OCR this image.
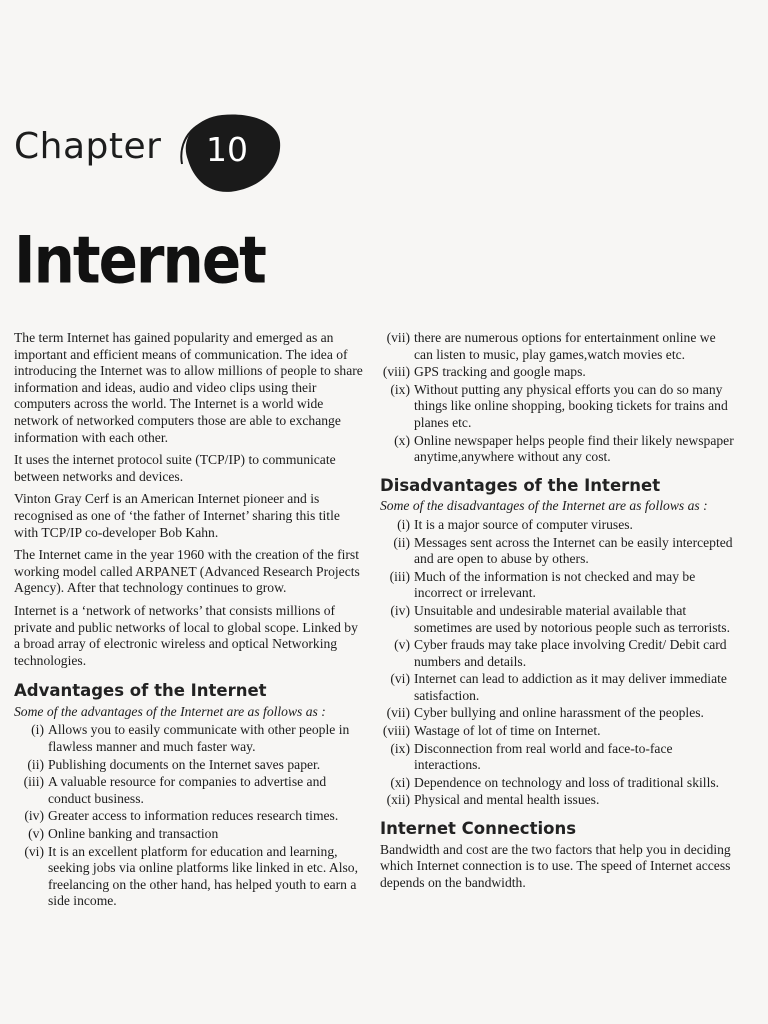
Chapter	10
Internet

The term Internet has gained popularity and emerged as an important and efficient means of communication. The idea of introducing the Internet was to allow millions of people to share information and ideas, audio and video clips using their computers across the world. The Internet is a world wide network of networked computers those are able to exchange information with each other.

It uses the internet protocol suite (TCP/IP) to communicate between networks and devices.

Vinton Gray Cerf is an American Internet pioneer and is recognised as one of ‘the father of Internet’ sharing this title with TCP/IP co-developer Bob Kahn.

The Internet came in the year 1960 with the creation of the first working model called ARPANET (Advanced Research Projects Agency). After that technology continues to grow.

Internet is a ‘network of networks’ that consists millions of private and public networks of local to global scope. Linked by a broad array of electronic wireless and optical Networking technologies.

Advantages of the Internet

Some of the advantages of the Internet are as follows as :

(i) Allows you to easily communicate with other people in flawless manner and much faster way.
(ii) Publishing documents on the Internet saves paper.
(iii) A valuable resource for companies to advertise and conduct business.
(iv) Greater access to information reduces research times.
(v) Online banking and transaction
(vi) It is an excellent platform for education and learning, seeking jobs via online platforms like linked in etc. Also, freelancing on the other hand, has helped youth to earn a side income.
(vii) there are numerous options for entertainment online we can listen to music, play games,watch movies etc.
(viii) GPS tracking and google maps.
(ix) Without putting any physical efforts you can do so many things like online shopping, booking tickets for trains and planes etc.
(x) Online newspaper helps people find their likely newspaper anytime,anywhere without any cost.
Disadvantages of the Internet

Some of the disadvantages of the Internet are as follows as :

(i) It is a major source of computer viruses.
(ii) Messages sent across the Internet can be easily intercepted and are open to abuse by others.
(iii) Much of the information is not checked and may be incorrect or irrelevant.
(iv) Unsuitable and undesirable material available that sometimes are used by notorious people such as terrorists.
(v) Cyber frauds may take place involving Credit/ Debit card numbers and details.
(vi) Internet can lead to addiction as it may deliver immediate satisfaction.
(vii) Cyber bullying and online harassment of the peoples.
(viii) Wastage of lot of time on Internet.
(ix) Disconnection from real world and face-to-face interactions.
(xi) Dependence on technology and loss of traditional skills.
(xii) Physical and mental health issues.
Internet Connections

Bandwidth and cost are the two factors that help you in deciding which Internet connection is to use. The speed of Internet access depends on the bandwidth.
